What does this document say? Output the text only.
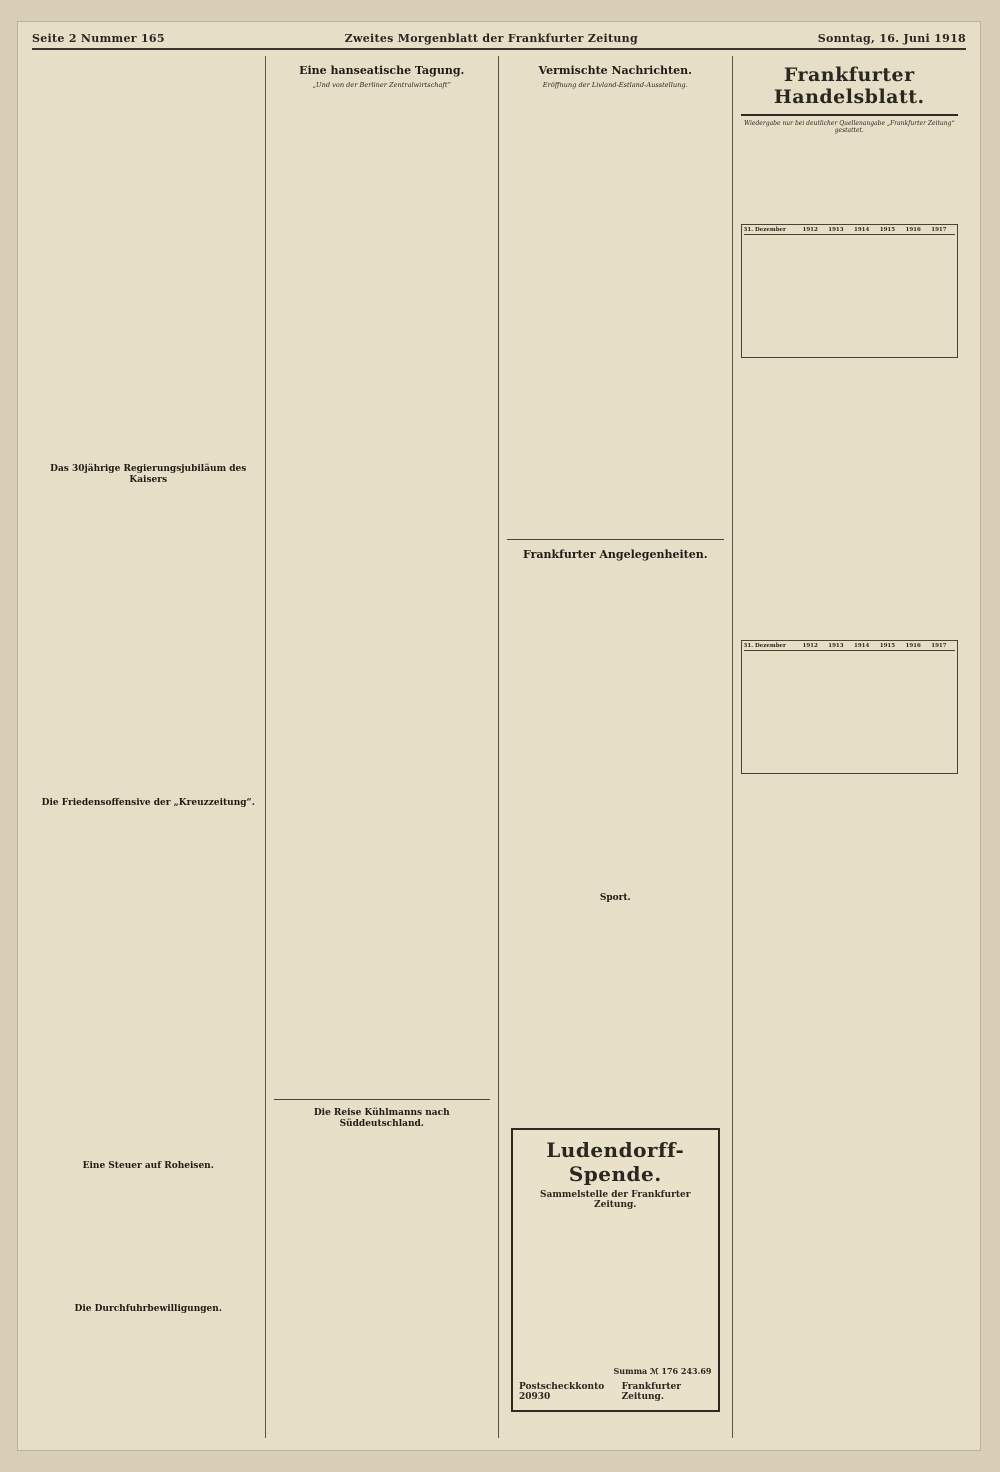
Seite 2 Nummer 165	Zweites Morgenblatt der Frankfurter Zeitung	Sonntag, 16. Juni 1918
Das 30jährige Regierungsjubiläum des Kaisers
Die Friedensoffensive der „Kreuzzeitung“.
Eine Steuer auf Roheisen.
Die Durchfuhrbewilligungen.
Eine hanseatische Tagung.
„Und von der Berliner Zentralwirtschaft“
Die Reise Kühlmanns nach Süddeutschland.
Vermischte Nachrichten.
Eröffnung der Livland-Estland-Ausstellung.
Frankfurter Angelegenheiten.
Sport.
Ludendorff-Spende.
Sammelstelle der Frankfurter Zeitung.
Summa ℳ 176 243.69
Postscheckkonto 20930
Frankfurter Zeitung.
Frankfurter Handelsblatt.
Wiedergabe nur bei deutlicher Quellenangabe „Frankfurter Zeitung“ gestattet.
31. Dezember	1912	1913	1914	1915	1916	1917
31. Dezember	1912	1913	1914	1915	1916	1917
